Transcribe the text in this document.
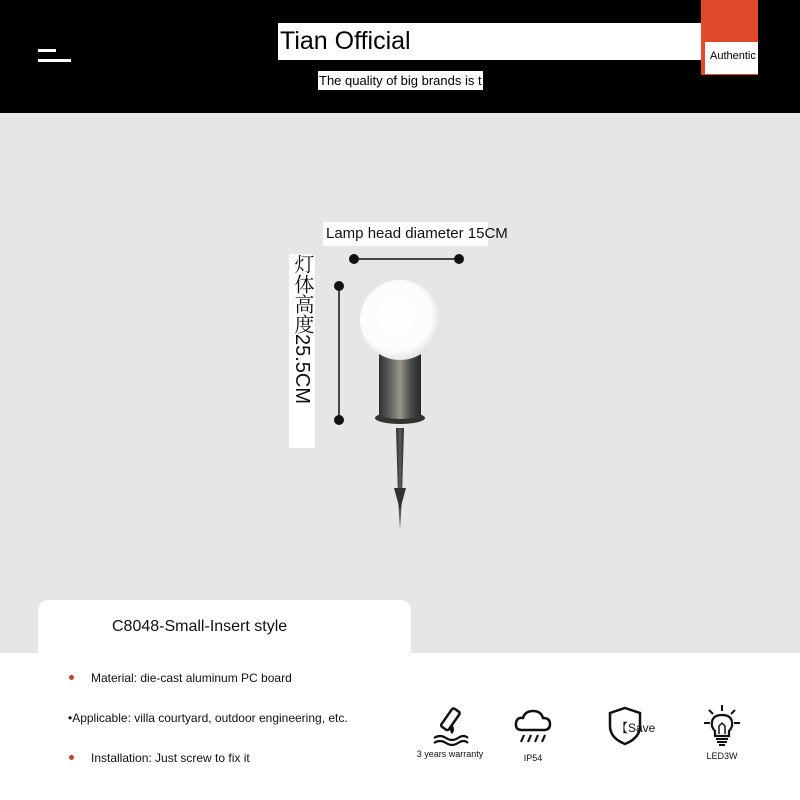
Tian Official
The quality of big brands is t
Authentic
Lamp head diameter 15CM
灯体高度25.5CM
C8048-Small-Insert style
Material: die-cast aluminum PC board
•Applicable: villa courtyard, outdoor engineering, etc.
Installation: Just screw to fix it	3 years warranty	IP54
【Save
LED3W
